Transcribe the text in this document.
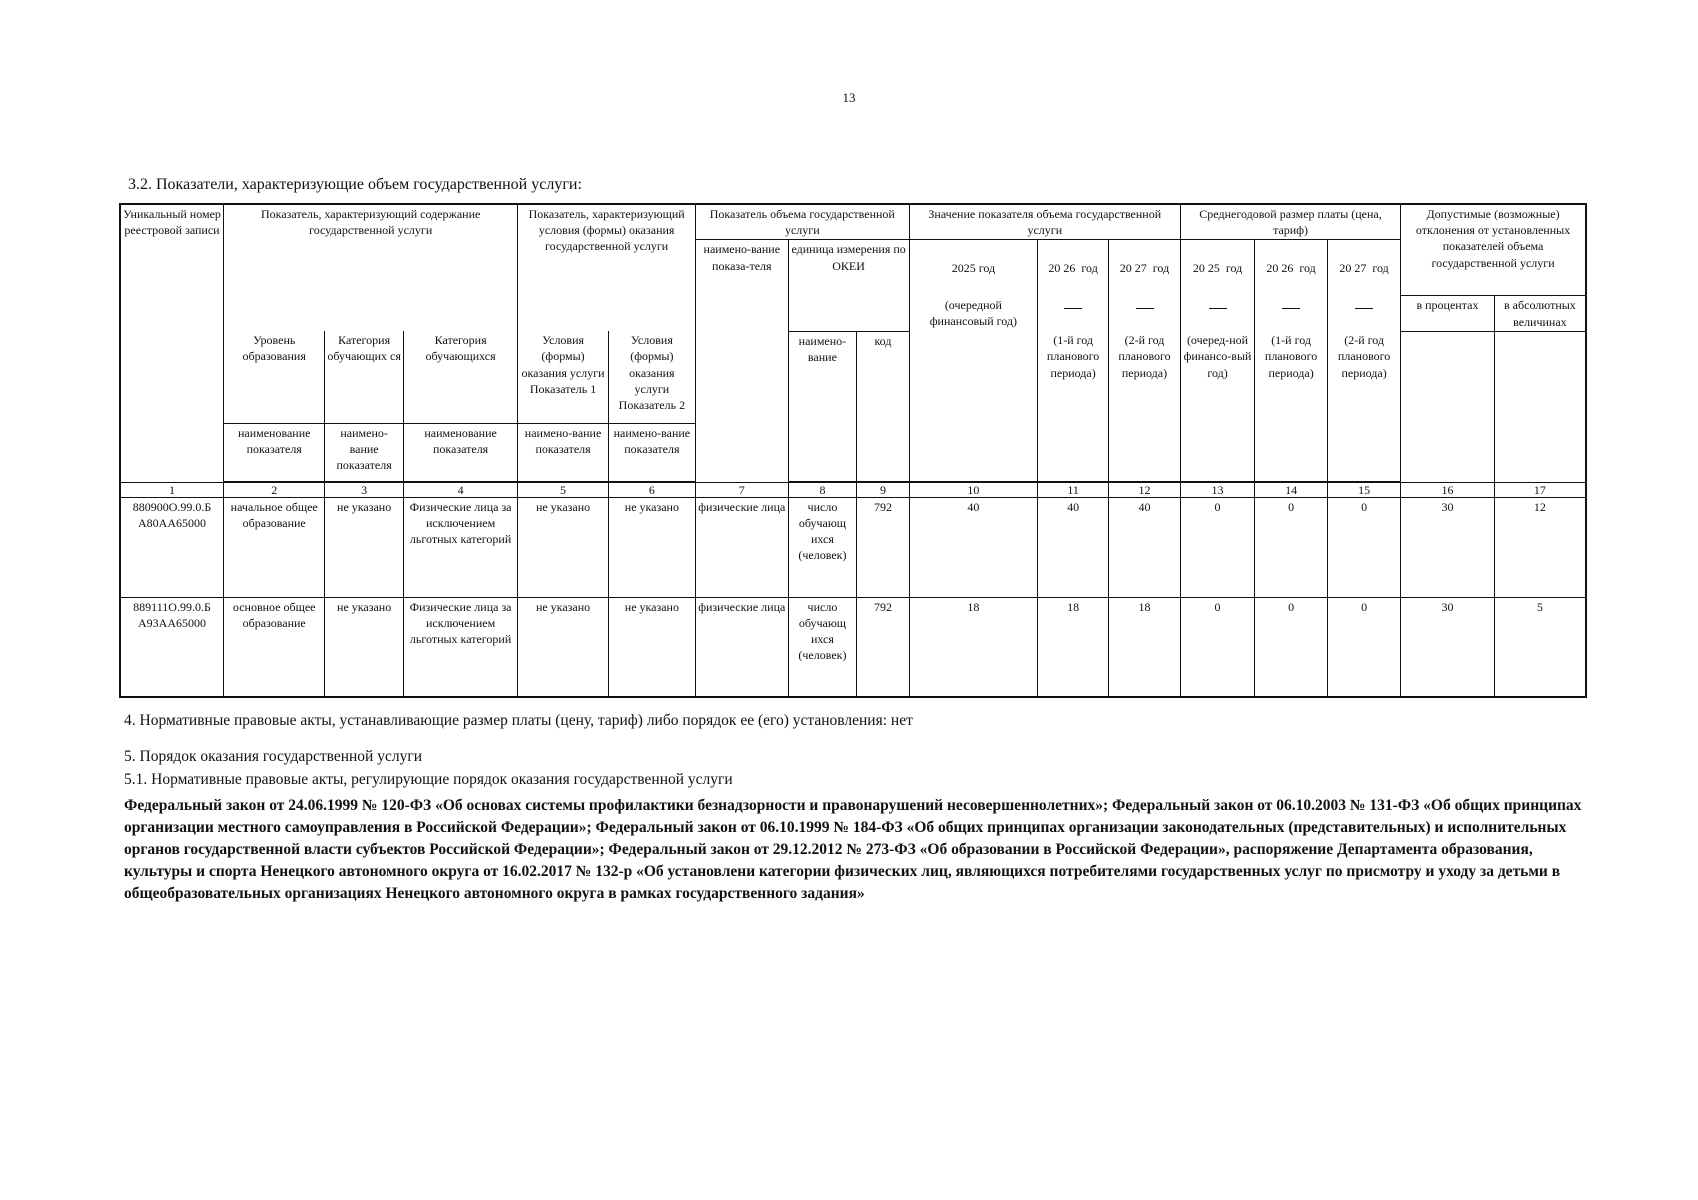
13
3.2. Показатели, характеризующие объем государственной услуги:
Уникальный номер реестровой записи	Показатель, характеризующий содержание государственной услуги			Показатель, характеризующий условия (формы) оказания государственной услуги		Показатель объема государственной услуги			Значение показателя объема государственной услуги			Среднегодовой размер платы (цена, тариф)			Допустимые (возможные) отклонения от установленных показателей объема государственной услуги	
						наимено-вание показа-теля	единица измерения по ОКЕИ		2025 год	20 26  год	20 27  год	20 25  год	20 26  год	20 27  год		
									(очередной финансовый год)						в процентах	в абсолютных величинах
	Уровень образования	Категория обучающих ся	Категория обучающихся	Условия (формы) оказания услуги Показатель 1	Условия (формы) оказания услуги Показатель 2		наимено-вание	код		(1-й год планового периода)	(2-й год планового периода)	(очеред-ной финансо-вый год)	(1-й год планового периода)	(2-й год планового периода)		
	наименование показателя	наимено-вание показателя	наименование показателя	наимено-вание показателя	наимено-вание показателя											

1	2	3	4	5	6	7	8	9	10	11	12	13	14	15	16	17
880900О.99.0.Б А80АА65000	начальное общее образование	не указано	Физические лица за исключением льготных категорий	не указано	не указано	физические лица	число обучающ ихся (человек)	792	40	40	40	0	0	0	30	12
889111О.99.0.Б А93АА65000	основное общее образование	не указано	Физические лица за исключением льготных категорий	не указано	не указано	физические лица	число обучающ ихся (человек)	792	18	18	18	0	0	0	30	5
4. Нормативные правовые акты, устанавливающие размер платы (цену, тариф) либо порядок ее (его) установления: нет
5. Порядок оказания государственной услуги
5.1. Нормативные правовые акты, регулирующие порядок оказания государственной услуги
Федеральный закон от 24.06.1999 № 120-ФЗ «Об основах системы профилактики безнадзорности и правонарушений несовершеннолетних»; Федеральный закон от 06.10.2003 № 131-ФЗ «Об общих принципах организации местного самоуправления в Российской Федерации»; Федеральный закон от 06.10.1999 № 184-ФЗ «Об общих принципах организации законодательных (представительных) и исполнительных органов государственной власти субъектов Российской Федерации»; Федеральный закон от 29.12.2012 № 273-ФЗ «Об образовании в Российской Федерации», распоряжение Департамента образования, культуры и спорта Ненецкого автономного округа от 16.02.2017 № 132-р «Об установлени категории физических лиц, являющихся потребителями государственных услуг по присмотру и уходу за детьми в общеобразовательных организациях Ненецкого автономного округа в рамках государственного задания»
